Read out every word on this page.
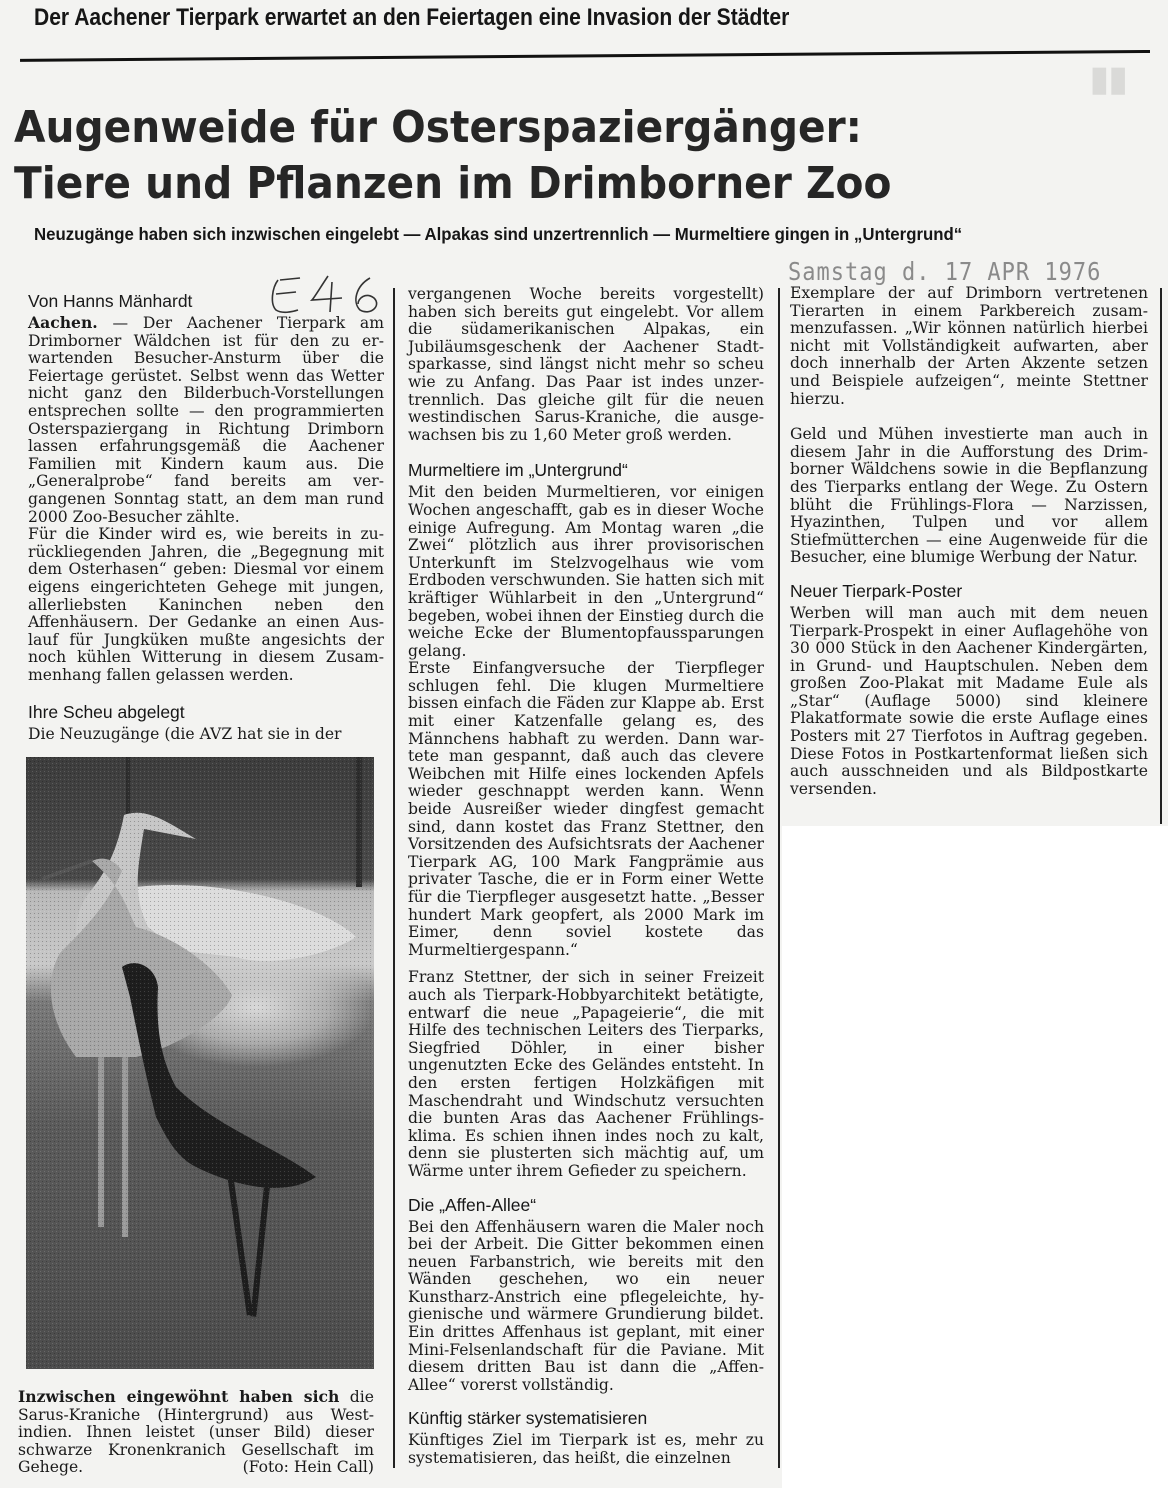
▮▮
Der Aachener Tierpark erwartet an den Feiertagen eine Invasion der Städter
Augenweide für Osterspaziergänger:
Tiere und Pflanzen im Drimborner Zoo
Neuzugänge haben sich inzwischen eingelebt — Alpakas sind unzertrennlich — Murmeltiere gingen in „Untergrund“
Von Hanns Mänhardt

Aachen. — Der Aachener Tierpark am Drimborner Wäldchen ist für den zu erwartenden Besucher-Ansturm über die Feiertage gerüstet. Selbst wenn das Wetter nicht ganz den Bilderbuch-Vorstellungen entsprechen sollte — den programmierten Osterspaziergang in Richtung Drimborn lassen erfahrungsgemäß die Aachener Familien mit Kindern kaum aus. Die „Generalprobe“ fand bereits am vergangenen Sonntag statt, an dem man rund 2000 Zoo-Besucher zählte.

Für die Kinder wird es, wie bereits in zurückliegenden Jahren, die „Begegnung mit dem Osterhasen“ geben: Diesmal vor einem eigens eingerichteten Gehege mit jungen, allerliebsten Kaninchen neben den Affenhäusern. Der Gedanke an einen Auslauf für Jungküken mußte angesichts der noch kühlen Witterung in diesem Zusammenhang fallen gelassen werden.

Ihre Scheu abgelegt

Die Neuzugänge (die AVZ hat sie in der

Inzwischen eingewöhnt haben sich die Sarus-Kraniche (Hintergrund) aus Westindien. Ihnen leistet (unser Bild) dieser schwarze Kronenkranich Gesellschaft im Gehege.	(Foto: Hein Call)

vergangenen Woche bereits vorgestellt) haben sich bereits gut eingelebt. Vor allem die südamerikanischen Alpakas, ein Jubiläumsgeschenk der Aachener Stadtsparkasse, sind längst nicht mehr so scheu wie zu Anfang. Das Paar ist indes unzertrennlich. Das gleiche gilt für die neuen westindischen Sarus-Kraniche, die ausgewachsen bis zu 1,60 Meter groß werden.

Murmeltiere im „Untergrund“

Mit den beiden Murmeltieren, vor einigen Wochen angeschafft, gab es in dieser Woche einige Aufregung. Am Montag waren „die Zwei“ plötzlich aus ihrer provisorischen Unterkunft im Stelzvogelhaus wie vom Erdboden verschwunden. Sie hatten sich mit kräftiger Wühlarbeit in den „Untergrund“ begeben, wobei ihnen der Einstieg durch die weiche Ecke der Blumentopfaussparungen gelang.

Erste Einfangversuche der Tierpfleger schlugen fehl. Die klugen Murmeltiere bissen einfach die Fäden zur Klappe ab. Erst mit einer Katzenfalle gelang es, des Männchens habhaft zu werden. Dann wartete man gespannt, daß auch das clevere Weibchen mit Hilfe eines lockenden Apfels wieder geschnappt werden kann. Wenn beide Ausreißer wieder dingfest gemacht sind, dann kostet das Franz Stettner, den Vorsitzenden des Aufsichtsrats der Aachener Tierpark AG, 100 Mark Fangprämie aus privater Tasche, die er in Form einer Wette für die Tierpfleger ausgesetzt hatte. „Besser hundert Mark geopfert, als 2000 Mark im Eimer, denn soviel kostete das Murmeltiergespann.“

Franz Stettner, der sich in seiner Freizeit auch als Tierpark-Hobbyarchitekt betätigte, entwarf die neue „Papageierie“, die mit Hilfe des technischen Leiters des Tierparks, Siegfried Döhler, in einer bisher ungenutzten Ecke des Geländes entsteht. In den ersten fertigen Holzkäfigen mit Maschendraht und Windschutz versuchten die bunten Aras das Aachener Frühlingsklima. Es schien ihnen indes noch zu kalt, denn sie plusterten sich mächtig auf, um Wärme unter ihrem Gefieder zu speichern.

Die „Affen-Allee“

Bei den Affenhäusern waren die Maler noch bei der Arbeit. Die Gitter bekommen einen neuen Farbanstrich, wie bereits mit den Wänden geschehen, wo ein neuer Kunstharz-Anstrich eine pflegeleichte, hygienische und wärmere Grundierung bildet. Ein drittes Affenhaus ist geplant, mit einer Mini-Felsenlandschaft für die Paviane. Mit diesem dritten Bau ist dann die „Affen-Allee“ vorerst vollständig.

Künftig stärker systematisieren

Künftiges Ziel im Tierpark ist es, mehr zu systematisieren, das heißt, die einzelnen

Samstag d. 17 APR 1976

Exemplare der auf Drimborn vertretenen Tierarten in einem Parkbereich zusammenzufassen. „Wir können natürlich hierbei nicht mit Vollständigkeit aufwarten, aber doch innerhalb der Arten Akzente setzen und Beispiele aufzeigen“, meinte Stettner hierzu.

Geld und Mühen investierte man auch in diesem Jahr in die Aufforstung des Drimborner Wäldchens sowie in die Bepflanzung des Tierparks entlang der Wege. Zu Ostern blüht die Frühlings-Flora — Narzissen, Hyazinthen, Tulpen und vor allem Stiefmütterchen — eine Augenweide für die Besucher, eine blumige Werbung der Natur.

Neuer Tierpark-Poster

Werben will man auch mit dem neuen Tierpark-Prospekt in einer Auflagehöhe von 30 000 Stück in den Aachener Kindergärten, in Grund- und Hauptschulen. Neben dem großen Zoo-Plakat mit Madame Eule als „Star“ (Auflage 5000) sind kleinere Plakatformate sowie die erste Auflage eines Posters mit 27 Tierfotos in Auftrag gegeben. Diese Fotos in Postkartenformat ließen sich auch ausschneiden und als Bildpostkarte versenden.
